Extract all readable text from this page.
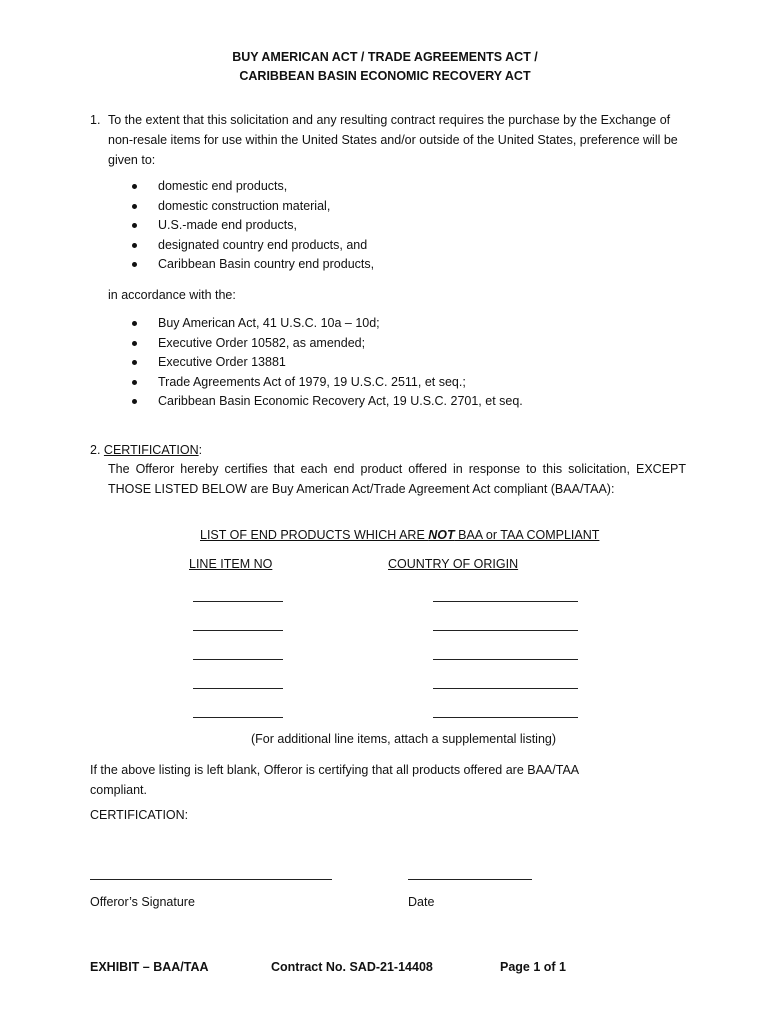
BUY AMERICAN ACT / TRADE AGREEMENTS ACT /
CARIBBEAN BASIN ECONOMIC RECOVERY ACT
1. To the extent that this solicitation and any resulting contract requires the purchase by the Exchange of non-resale items for use within the United States and/or outside of the United States, preference will be given to:
domestic end products,
domestic construction material,
U.S.-made end products,
designated country end products, and
Caribbean Basin country end products,
in accordance with the:
Buy American Act, 41 U.S.C. 10a – 10d;
Executive Order 10582, as amended;
Executive Order 13881
Trade Agreements Act of 1979, 19 U.S.C. 2511, et seq.;
Caribbean Basin Economic Recovery Act, 19 U.S.C. 2701, et seq.
2. CERTIFICATION:
The Offeror hereby certifies that each end product offered in response to this solicitation, EXCEPT THOSE LISTED BELOW are Buy American Act/Trade Agreement Act compliant (BAA/TAA):
LIST OF END PRODUCTS WHICH ARE NOT BAA or TAA COMPLIANT
LINE ITEM NO	COUNTRY OF ORIGIN
(For additional line items, attach a supplemental listing)
If the above listing is left blank, Offeror is certifying that all products offered are BAA/TAA compliant.
CERTIFICATION:
Offeror’s Signature	Date
EXHIBIT – BAA/TAA	Contract No. SAD-21-14408	Page 1 of 1
